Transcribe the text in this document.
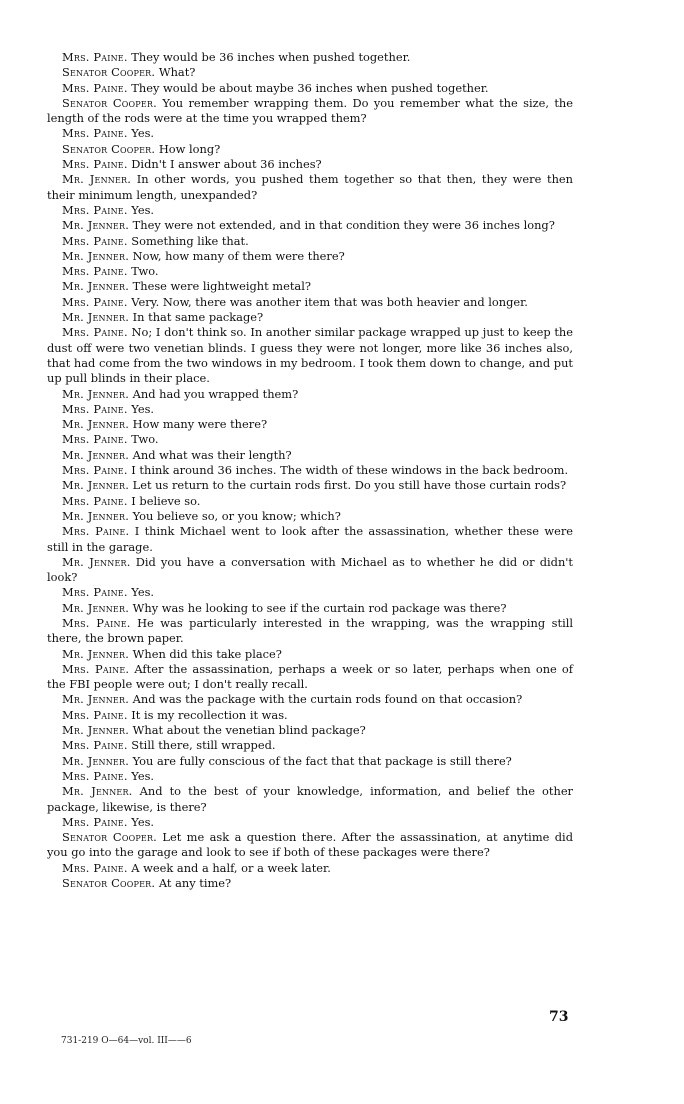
Mrs. Paine. They would be 36 inches when pushed together.

Senator Cooper. What?

Mrs. Paine. They would be about maybe 36 inches when pushed together.

Senator Cooper. You remember wrapping them. Do you remember what the size, the length of the rods were at the time you wrapped them?

Mrs. Paine. Yes.

Senator Cooper. How long?

Mrs. Paine. Didn't I answer about 36 inches?

Mr. Jenner. In other words, you pushed them together so that then, they were then their minimum length, unexpanded?

Mrs. Paine. Yes.

Mr. Jenner. They were not extended, and in that condition they were 36 inches long?

Mrs. Paine. Something like that.

Mr. Jenner. Now, how many of them were there?

Mrs. Paine. Two.

Mr. Jenner. These were lightweight metal?

Mrs. Paine. Very. Now, there was another item that was both heavier and longer.

Mr. Jenner. In that same package?

Mrs. Paine. No; I don't think so. In another similar package wrapped up just to keep the dust off were two venetian blinds. I guess they were not longer, more like 36 inches also, that had come from the two windows in my bedroom. I took them down to change, and put up pull blinds in their place.

Mr. Jenner. And had you wrapped them?

Mrs. Paine. Yes.

Mr. Jenner. How many were there?

Mrs. Paine. Two.

Mr. Jenner. And what was their length?

Mrs. Paine. I think around 36 inches. The width of these windows in the back bedroom.

Mr. Jenner. Let us return to the curtain rods first. Do you still have those curtain rods?

Mrs. Paine. I believe so.

Mr. Jenner. You believe so, or you know; which?

Mrs. Paine. I think Michael went to look after the assassination, whether these were still in the garage.

Mr. Jenner. Did you have a conversation with Michael as to whether he did or didn't look?

Mrs. Paine. Yes.

Mr. Jenner. Why was he looking to see if the curtain rod package was there?

Mrs. Paine. He was particularly interested in the wrapping, was the wrapping still there, the brown paper.

Mr. Jenner. When did this take place?

Mrs. Paine. After the assassination, perhaps a week or so later, perhaps when one of the FBI people were out; I don't really recall.

Mr. Jenner. And was the package with the curtain rods found on that occasion?

Mrs. Paine. It is my recollection it was.

Mr. Jenner. What about the venetian blind package?

Mrs. Paine. Still there, still wrapped.

Mr. Jenner. You are fully conscious of the fact that that package is still there?

Mrs. Paine. Yes.

Mr. Jenner. And to the best of your knowledge, information, and belief the other package, likewise, is there?

Mrs. Paine. Yes.

Senator Cooper. Let me ask a question there. After the assassination, at anytime did you go into the garage and look to see if both of these packages were there?

Mrs. Paine. A week and a half, or a week later.

Senator Cooper. At any time?

73
731-219 O—64—vol. III——6
